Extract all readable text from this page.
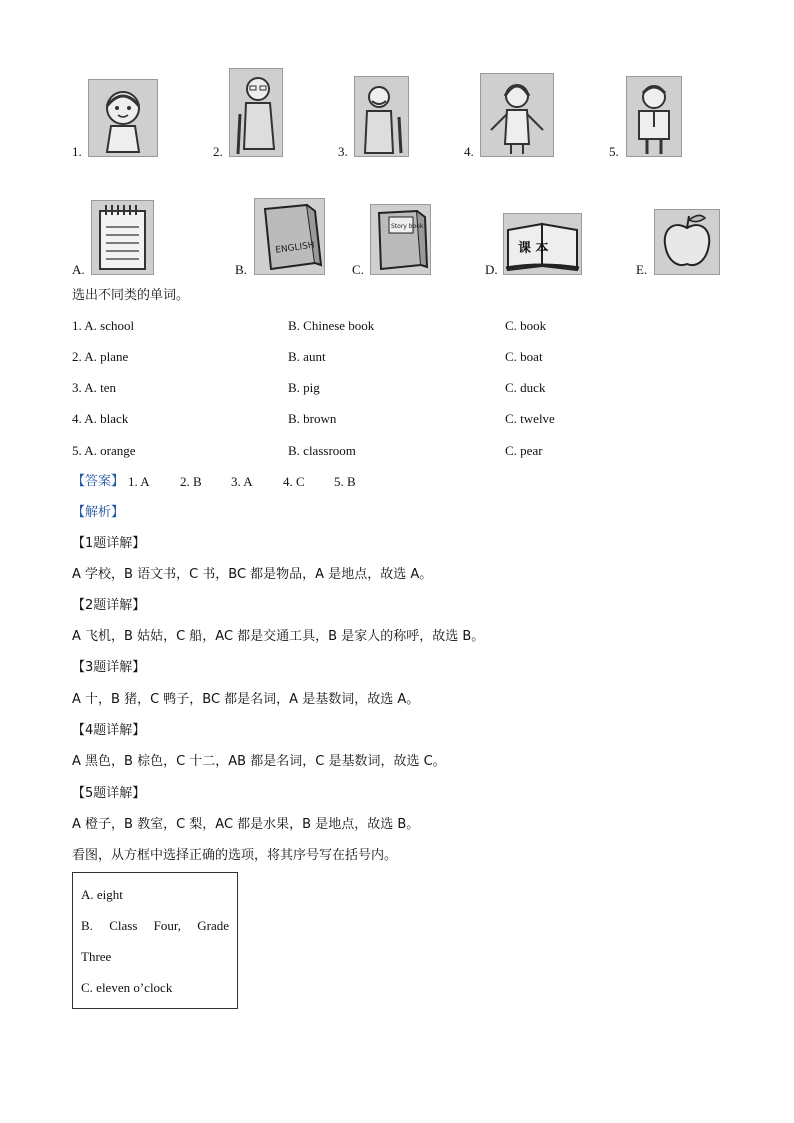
1.	2.	3.	4.	5.
A.	B.
ENGLISH
C.
Story book
D.
课 本
E.
选出不同类的单词。
1. A. school	B. Chinese book	C. book
2. A. plane	B. aunt	C. boat
3. A. ten	B. pig	C. duck
4. A. black	B. brown	C. twelve
5. A. orange	B. classroom	C. pear
【答案】 1. A 2. B 3. A 4. C 5. B
【解析】
【1题详解】
A 学校，B 语文书，C 书，BC 都是物品，A 是地点，故选 A。
【2题详解】
A 飞机，B 姑姑，C 船，AC 都是交通工具，B 是家人的称呼，故选 B。
【3题详解】
A 十，B 猪，C 鸭子，BC 都是名词，A 是基数词，故选 A。
【4题详解】
A 黑色，B 棕色，C 十二，AB 都是名词，C 是基数词，故选 C。
【5题详解】
A 橙子，B 教室，C 梨，AC 都是水果，B 是地点，故选 B。
看图，从方框中选择正确的选项，将其序号写在括号内。
A. eight
B. Class Four, Grade
Three
C. eleven o’clock
